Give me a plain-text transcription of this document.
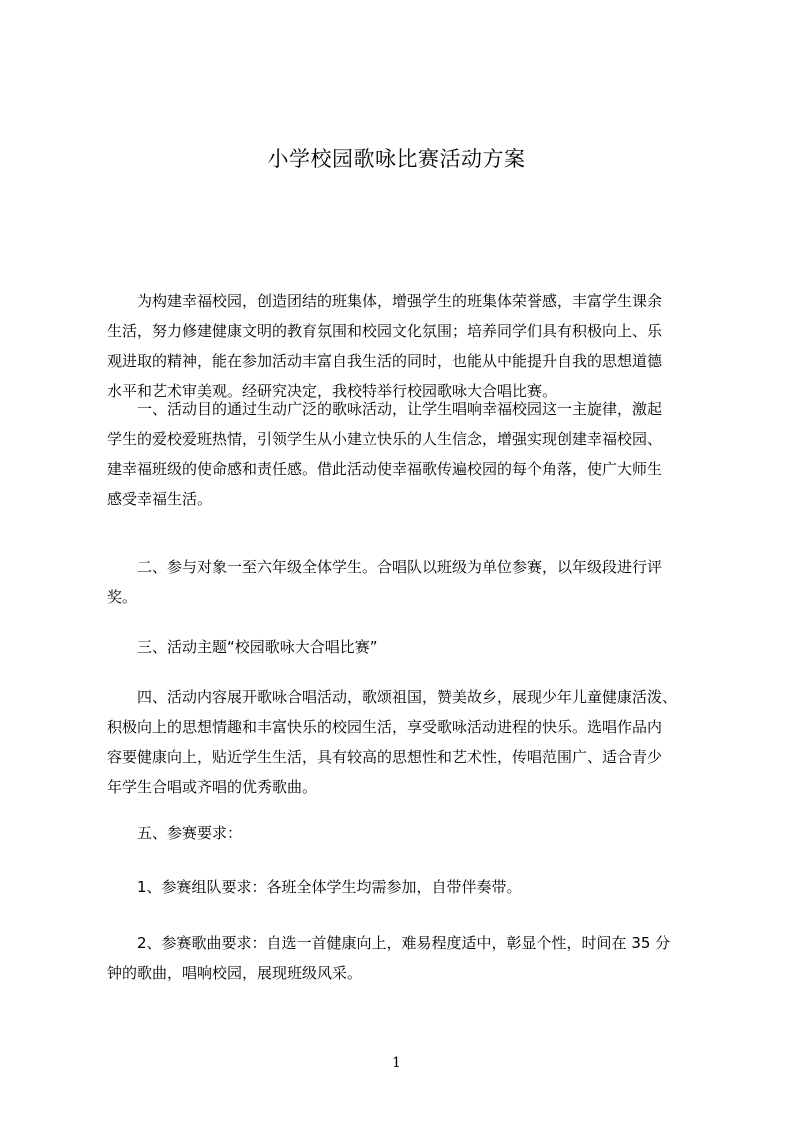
小学校园歌咏比赛活动方案
　　为构建幸福校园，创造团结的班集体，增强学生的班集体荣誉感，丰富学生课余
生活，努力修建健康文明的教育氛围和校园文化氛围；培养同学们具有积极向上、乐
观进取的精神，能在参加活动丰富自我生活的同时，也能从中能提升自我的思想道德
水平和艺术审美观。经研究决定，我校特举行校园歌咏大合唱比赛。
　　一、活动目的通过生动广泛的歌咏活动，让学生唱响幸福校园这一主旋律，激起
学生的爱校爱班热情，引领学生从小建立快乐的人生信念，增强实现创建幸福校园、
建幸福班级的使命感和责任感。借此活动使幸福歌传遍校园的每个角落，使广大师生
感受幸福生活。
　　二、参与对象一至六年级全体学生。合唱队以班级为单位参赛，以年级段进行评
奖。
　　三、活动主题“校园歌咏大合唱比赛”
　　四、活动内容展开歌咏合唱活动，歌颂祖国，赞美故乡，展现少年儿童健康活泼、
积极向上的思想情趣和丰富快乐的校园生活，享受歌咏活动进程的快乐。选唱作品内
容要健康向上，贴近学生生活，具有较高的思想性和艺术性，传唱范围广、适合青少
年学生合唱或齐唱的优秀歌曲。
　　五、参赛要求：
　　1、参赛组队要求：各班全体学生均需参加，自带伴奏带。
　　2、参赛歌曲要求：自选一首健康向上，难易程度适中，彰显个性，时间在 35 分
钟的歌曲，唱响校园，展现班级风采。
1
